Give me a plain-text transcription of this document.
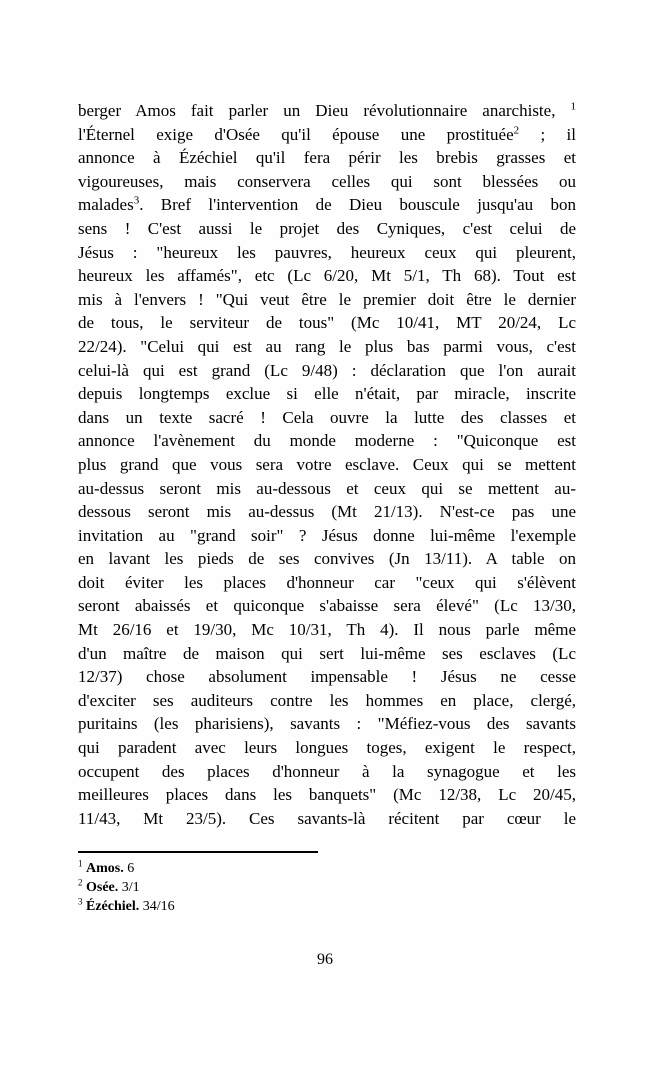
berger Amos fait parler un Dieu révolutionnaire anarchiste, $^1$
l'Éternel exige d'Osée qu'il épouse une prostituée$^2$ ; il
annonce à Ézéchiel qu'il fera périr les brebis grasses et
vigoureuses, mais conservera celles qui sont blessées ou
malades$^3$. Bref l'intervention de Dieu bouscule jusqu'au bon
sens ! C'est aussi le projet des Cyniques, c'est celui de
Jésus : "heureux les pauvres, heureux ceux qui pleurent,
heureux les affamés", etc (Lc 6/20, Mt 5/1, Th 68). Tout est
mis à l'envers ! "Qui veut être le premier doit être le dernier
de tous, le serviteur de tous" (Mc 10/41, MT 20/24, Lc
22/24). "Celui qui est au rang le plus bas parmi vous, c'est
celui-là qui est grand (Lc 9/48) : déclaration que l'on aurait
depuis longtemps exclue si elle n'était, par miracle, inscrite
dans un texte sacré ! Cela ouvre la lutte des classes et
annonce l'avènement du monde moderne : "Quiconque est
plus grand que vous sera votre esclave. Ceux qui se mettent
au-dessus seront mis au-dessous et ceux qui se mettent au-
dessous seront mis au-dessus (Mt 21/13). N'est-ce pas une
invitation au "grand soir" ? Jésus donne lui-même l'exemple
en lavant les pieds de ses convives (Jn 13/11). A table on
doit éviter les places d'honneur car "ceux qui s'élèvent
seront abaissés et quiconque s'abaisse sera élevé" (Lc 13/30,
Mt 26/16 et 19/30, Mc 10/31, Th 4). Il nous parle même
d'un maître de maison qui sert lui-même ses esclaves (Lc
12/37) chose absolument impensable ! Jésus ne cesse
d'exciter ses auditeurs contre les hommes en place, clergé,
puritains (les pharisiens), savants : "Méfiez-vous des savants
qui paradent avec leurs longues toges, exigent le respect,
occupent des places d'honneur à la synagogue et les
meilleures places dans les banquets" (Mc 12/38, Lc 20/45,
11/43, Mt 23/5). Ces savants-là récitent par cœur le
$^1$ Amos. 6
$^2$ Osée. 3/1
$^3$ Ézéchiel. 34/16
96
